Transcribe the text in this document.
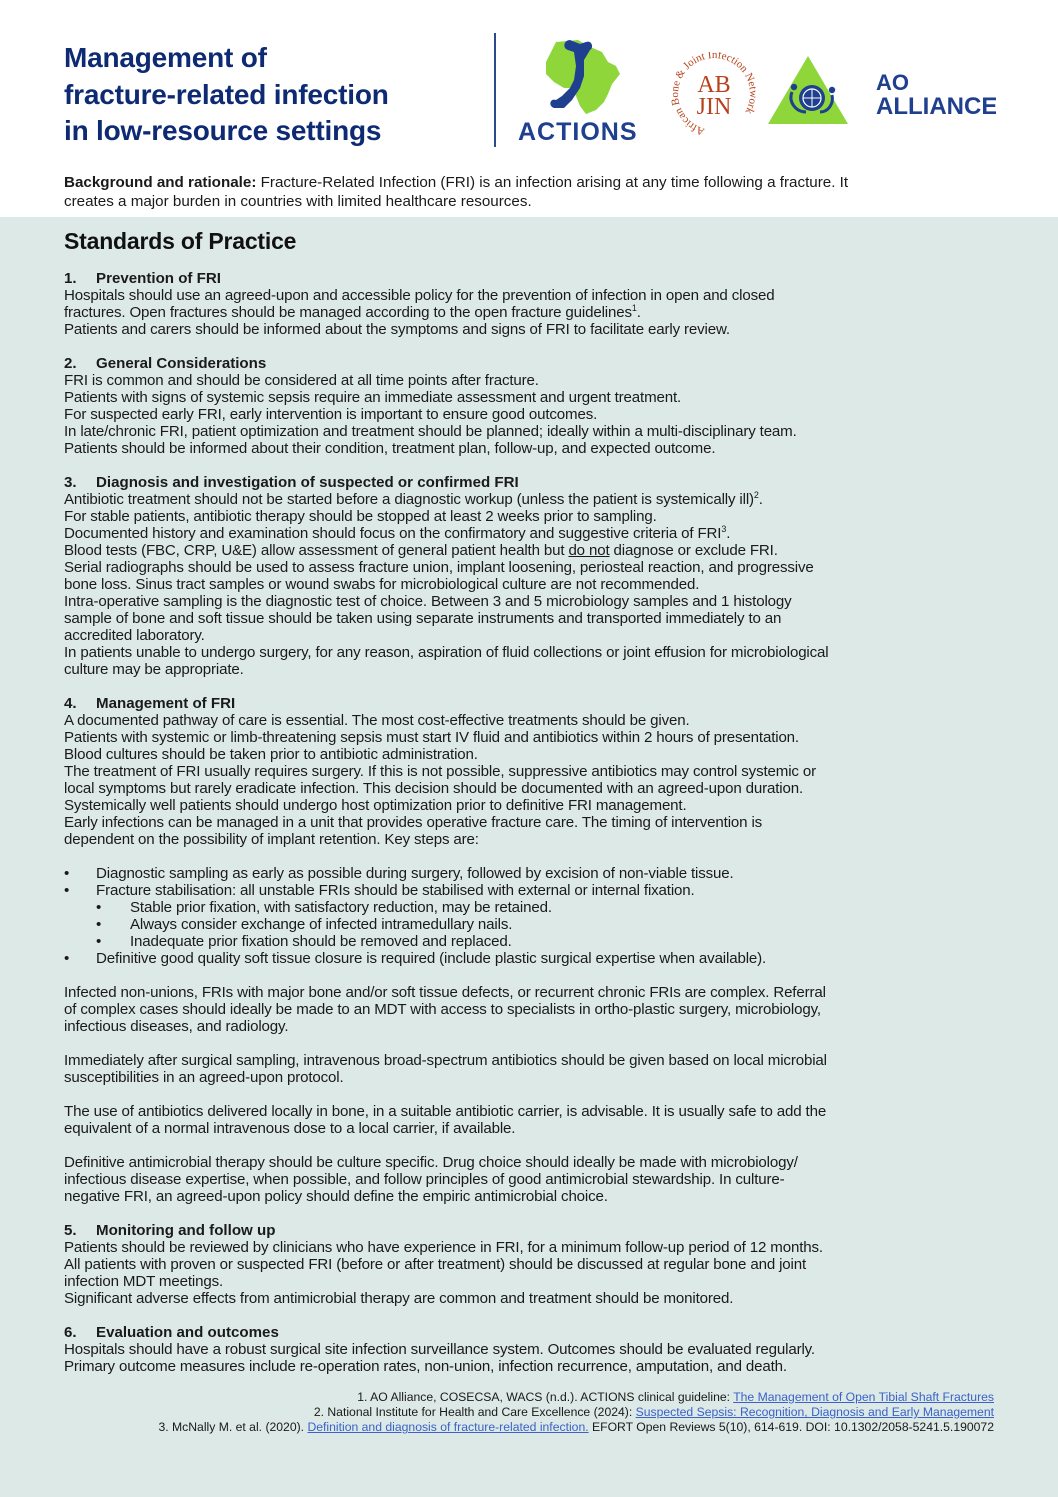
Management of
fracture-related infection
in low-resource settings	ACTIONS	African Bone & Joint Infection Network
AB
JIN
AO
ALLIANCE
Background and rationale: Fracture-Related Infection (FRI) is an infection arising at any time following a fracture. It
creates a major burden in countries with limited healthcare resources.
Standards of Practice
1.	Prevention of FRI
Hospitals should use an agreed-upon and accessible policy for the prevention of infection in open and closed
fractures. Open fractures should be managed according to the open fracture guidelines$^1$.
Patients and carers should be informed about the symptoms and signs of FRI to facilitate early review.
2.	General Considerations
FRI is common and should be considered at all time points after fracture.
Patients with signs of systemic sepsis require an immediate assessment and urgent treatment.
For suspected early FRI, early intervention is important to ensure good outcomes.
In late/chronic FRI, patient optimization and treatment should be planned; ideally within a multi-disciplinary team.
Patients should be informed about their condition, treatment plan, follow-up, and expected outcome.
3.	Diagnosis and investigation of suspected or confirmed FRI
Antibiotic treatment should not be started before a diagnostic workup (unless the patient is systemically ill)$^2$.
For stable patients, antibiotic therapy should be stopped at least 2 weeks prior to sampling.
Documented history and examination should focus on the confirmatory and suggestive criteria of FRI$^3$.
Blood tests (FBC, CRP, U&E) allow assessment of general patient health but do not diagnose or exclude FRI.
Serial radiographs should be used to assess fracture union, implant loosening, periosteal reaction, and progressive
bone loss. Sinus tract samples or wound swabs for microbiological culture are not recommended.
Intra-operative sampling is the diagnostic test of choice. Between 3 and 5 microbiology samples and 1 histology
sample of bone and soft tissue should be taken using separate instruments and transported immediately to an
accredited laboratory.
In patients unable to undergo surgery, for any reason, aspiration of fluid collections or joint effusion for microbiological
culture may be appropriate.
4.	Management of FRI
A documented pathway of care is essential. The most cost-effective treatments should be given.
Patients with systemic or limb-threatening sepsis must start IV fluid and antibiotics within 2 hours of presentation.
Blood cultures should be taken prior to antibiotic administration.
The treatment of FRI usually requires surgery. If this is not possible, suppressive antibiotics may control systemic or
local symptoms but rarely eradicate infection. This decision should be documented with an agreed-upon duration.
Systemically well patients should undergo host optimization prior to definitive FRI management.
Early infections can be managed in a unit that provides operative fracture care. The timing of intervention is
dependent on the possibility of implant retention. Key steps are:
•	Diagnostic sampling as early as possible during surgery, followed by excision of non-viable tissue.
•	Fracture stabilisation: all unstable FRIs should be stabilised with external or internal fixation.
•	Stable prior fixation, with satisfactory reduction, may be retained.
•	Always consider exchange of infected intramedullary nails.
•	Inadequate prior fixation should be removed and replaced.
•	Definitive good quality soft tissue closure is required (include plastic surgical expertise when available).
Infected non-unions, FRIs with major bone and/or soft tissue defects, or recurrent chronic FRIs are complex. Referral
of complex cases should ideally be made to an MDT with access to specialists in ortho-plastic surgery, microbiology,
infectious diseases, and radiology.
Immediately after surgical sampling, intravenous broad-spectrum antibiotics should be given based on local microbial
susceptibilities in an agreed-upon protocol.
The use of antibiotics delivered locally in bone, in a suitable antibiotic carrier, is advisable. It is usually safe to add the
equivalent of a normal intravenous dose to a local carrier, if available.
Definitive antimicrobial therapy should be culture specific. Drug choice should ideally be made with microbiology/
infectious disease expertise, when possible, and follow principles of good antimicrobial stewardship. In culture-
negative FRI, an agreed-upon policy should define the empiric antimicrobial choice.
5.	Monitoring and follow up
Patients should be reviewed by clinicians who have experience in FRI, for a minimum follow-up period of 12 months.
All patients with proven or suspected FRI (before or after treatment) should be discussed at regular bone and joint
infection MDT meetings.
Significant adverse effects from antimicrobial therapy are common and treatment should be monitored.
6.	Evaluation and outcomes
Hospitals should have a robust surgical site infection surveillance system. Outcomes should be evaluated regularly.
Primary outcome measures include re-operation rates, non-union, infection recurrence, amputation, and death.
1. AO Alliance, COSECSA, WACS (n.d.). ACTIONS clinical guideline: The Management of Open Tibial Shaft Fractures
2. National Institute for Health and Care Excellence (2024): Suspected Sepsis: Recognition, Diagnosis and Early Management
3. McNally M. et al. (2020). Definition and diagnosis of fracture-related infection. EFORT Open Reviews 5(10), 614-619. DOI: 10.1302/2058-5241.5.190072
